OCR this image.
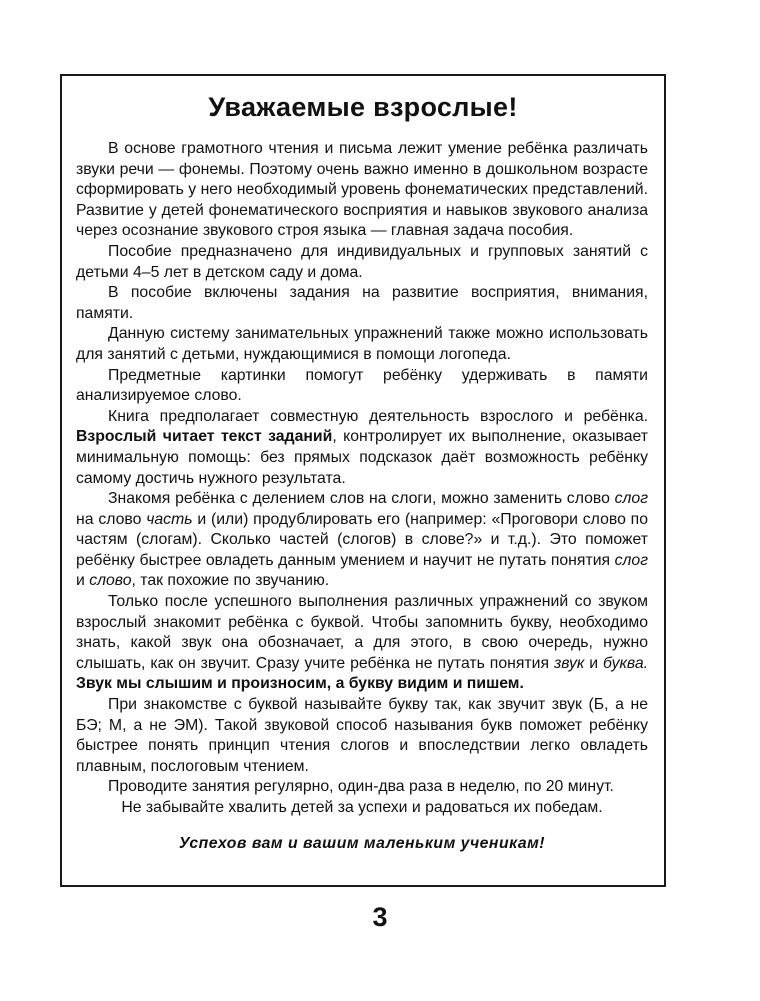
Уважаемые взрослые!

В основе грамотного чтения и письма лежит умение ребёнка различать звуки речи — фонемы. Поэтому очень важно именно в дошкольном возрасте сформировать у него необходимый уровень фонематических представлений. Развитие у детей фонематического восприятия и навыков звукового анализа через осознание звукового строя языка — главная задача пособия.

Пособие предназначено для индивидуальных и групповых занятий с детьми 4–5 лет в детском саду и дома.

В пособие включены задания на развитие восприятия, внимания, памяти.

Данную систему занимательных упражнений также можно использовать для занятий с детьми, нуждающимися в помощи логопеда.

Предметные картинки помогут ребёнку удерживать в памяти анализируемое слово.

Книга предполагает совместную деятельность взрослого и ребёнка. Взрослый читает текст заданий, контролирует их выполнение, оказывает минимальную помощь: без прямых подсказок даёт возможность ребёнку самому достичь нужного результата.

Знакомя ребёнка с делением слов на слоги, можно заменить слово слог на слово часть и (или) продублировать его (например: «Проговори слово по частям (слогам). Сколько частей (слогов) в слове?» и т.д.). Это поможет ребёнку быстрее овладеть данным умением и научит не путать понятия слог и слово, так похожие по звучанию.

Только после успешного выполнения различных упражнений со звуком взрослый знакомит ребёнка с буквой. Чтобы запомнить букву, необходимо знать, какой звук она обозначает, а для этого, в свою очередь, нужно слышать, как он звучит. Сразу учите ребёнка не путать понятия звук и буква. Звук мы слышим и произносим, а букву видим и пишем.

При знакомстве с буквой называйте букву так, как звучит звук (Б, а не БЭ; М, а не ЭМ). Такой звуковой способ называния букв поможет ребёнку быстрее понять принцип чтения слогов и впоследствии легко овладеть плавным, послоговым чтением.

Проводите занятия регулярно, один-два раза в неделю, по 20 минут.

Не забывайте хвалить детей за успехи и радоваться их победам.

Успехов вам и вашим маленьким ученикам!

3
